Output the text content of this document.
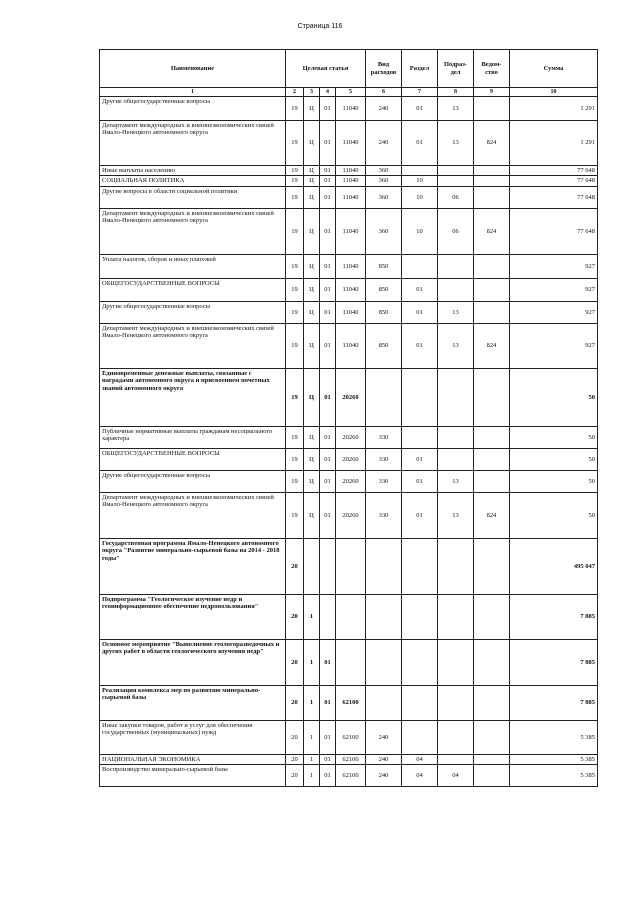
Страница 116
Наименование	Целевая статья				Вид расходов	Раздел	Подраз-дел	Ведом-ство	Сумма
1	2	3	4	5	6	7	8	9	10
Другие общегосударственные вопросы	19	Ц	01	11040	240	01	13		1 291
Департамент международных и внешнеэкономических связей Ямало-Ненецкого автономного округа	19	Ц	01	11040	240	01	13	824	1 291
Иные выплаты населению	19	Ц	01	11040	360				77 648
СОЦИАЛЬНАЯ ПОЛИТИКА	19	Ц	01	11040	360	10			77 648
Другие вопросы в области социальной политики	19	Ц	01	11040	360	10	06		77 648
Департамент международных и внешнеэкономических связей Ямало-Ненецкого автономного округа	19	Ц	01	11040	360	10	06	824	77 648
Уплата налогов, сборов и иных платежей	19	Ц	01	11040	850				927
ОБЩЕГОСУДАРСТВЕННЫЕ ВОПРОСЫ	19	Ц	01	11040	850	01			927
Другие общегосударственные вопросы	19	Ц	01	11040	850	01	13		927
Департамент международных и внешнеэкономических связей Ямало-Ненецкого автономного округа	19	Ц	01	11040	850	01	13	824	927
Единовременные денежные выплаты, связанные с наградами автономного округа и присвоением почетных званий автономного округа	19	Ц	01	20260					50
Публичные нормативные выплаты гражданам несоциального характера	19	Ц	01	20260	330				50
ОБЩЕГОСУДАРСТВЕННЫЕ ВОПРОСЫ	19	Ц	01	20260	330	01			50
Другие общегосударственные вопросы	19	Ц	01	20260	330	01	13		50
Департамент международных и внешнеэкономических связей Ямало-Ненецкого автономного округа	19	Ц	01	20260	330	01	13	824	50
Государственная программа Ямало-Ненецкого автономного округа "Развитие минерально-сырьевой базы на 2014 - 2018 годы"	20								495 047
Подпрограмма "Геологическое изучение недр и геоинформационное обеспечение недропользования"	20	1							7 885
Основное мероприятие "Выполнение геологоразведочных и других работ в области геологического изучения недр"	20	1	01						7 885
Реализация комплекса мер по развитию минерально-сырьевой базы	20	1	01	62100					7 885
Иные закупки товаров, работ и услуг для обеспечения государственных (муниципальных) нужд	20	1	01	62100	240				5 385
НАЦИОНАЛЬНАЯ ЭКОНОМИКА	20	1	01	62100	240	04			5 385
Воспроизводство минерально-сырьевой базы	20	1	01	62100	240	04	04		5 385
